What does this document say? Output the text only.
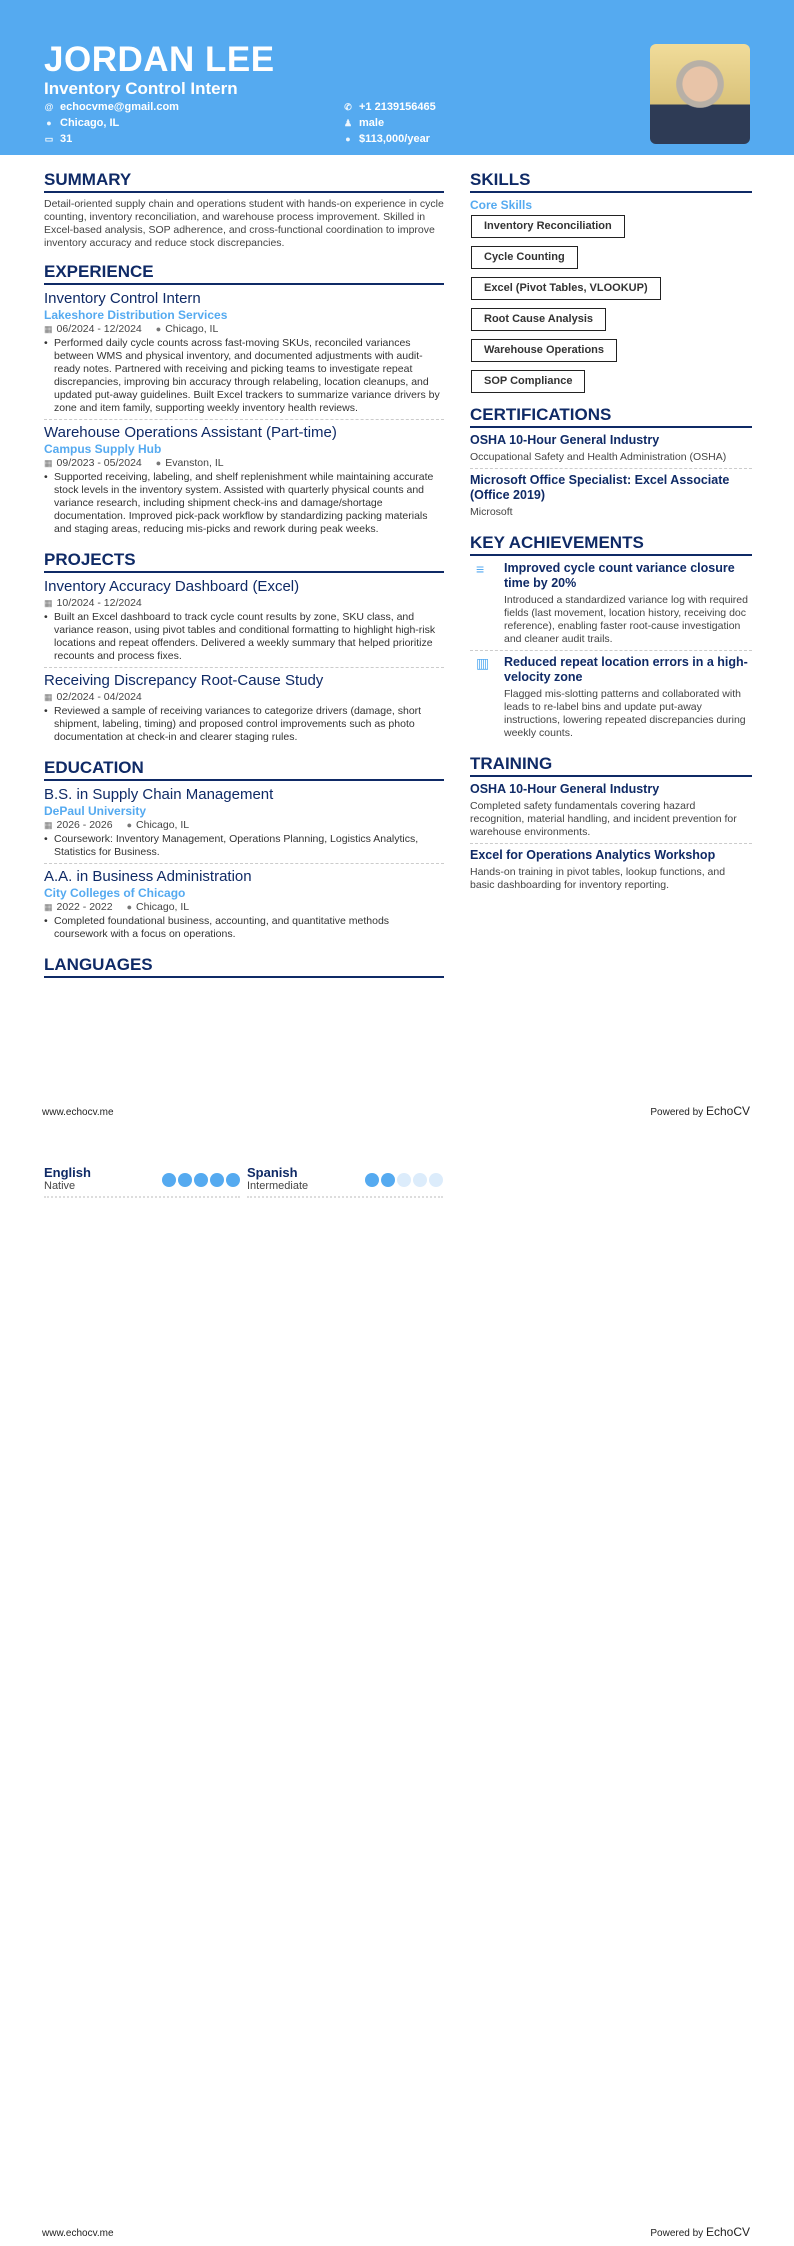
JORDAN LEE
Inventory Control Intern
@ echocvme@gmail.com
● Chicago, IL
▭ 31
✆ +1 2139156465
♟ male
● $113,000/year
SUMMARY
Detail-oriented supply chain and operations student with hands-on experience in cycle counting, inventory reconciliation, and warehouse process improvement. Skilled in Excel-based analysis, SOP adherence, and cross-functional coordination to improve inventory accuracy and reduce stock discrepancies.
EXPERIENCE
Inventory Control Intern
Lakeshore Distribution Services
▦ 06/2024 - 12/2024 ● Chicago, IL
• Performed daily cycle counts across fast-moving SKUs, reconciled variances between WMS and physical inventory, and documented adjustments with audit-ready notes. Partnered with receiving and picking teams to investigate repeat discrepancies, improving bin accuracy through relabeling, location cleanups, and updated put-away guidelines. Built Excel trackers to summarize variance drivers by zone and item family, supporting weekly inventory health reviews.
Warehouse Operations Assistant (Part-time)
Campus Supply Hub
▦ 09/2023 - 05/2024 ● Evanston, IL
• Supported receiving, labeling, and shelf replenishment while maintaining accurate stock levels in the inventory system. Assisted with quarterly physical counts and variance research, including shipment check-ins and damage/shortage documentation. Improved pick-pack workflow by standardizing packing materials and staging areas, reducing mis-picks and rework during peak weeks.
PROJECTS
Inventory Accuracy Dashboard (Excel)
▦ 10/2024 - 12/2024
• Built an Excel dashboard to track cycle count results by zone, SKU class, and variance reason, using pivot tables and conditional formatting to highlight high-risk locations and repeat offenders. Delivered a weekly summary that helped prioritize recounts and process fixes.
Receiving Discrepancy Root-Cause Study
▦ 02/2024 - 04/2024
• Reviewed a sample of receiving variances to categorize drivers (damage, short shipment, labeling, timing) and proposed control improvements such as photo documentation at check-in and clearer staging rules.
EDUCATION
B.S. in Supply Chain Management
DePaul University
▦ 2026 - 2026 ● Chicago, IL
• Coursework: Inventory Management, Operations Planning, Logistics Analytics, Statistics for Business.
A.A. in Business Administration
City Colleges of Chicago
▦ 2022 - 2022 ● Chicago, IL
• Completed foundational business, accounting, and quantitative methods coursework with a focus on operations.
LANGUAGES
SKILLS
Core Skills
Inventory Reconciliation
Cycle Counting
Excel (Pivot Tables, VLOOKUP)
Root Cause Analysis
Warehouse Operations
SOP Compliance
CERTIFICATIONS
OSHA 10-Hour General Industry
Occupational Safety and Health Administration (OSHA)
Microsoft Office Specialist: Excel Associate (Office 2019)
Microsoft
KEY ACHIEVEMENTS
≡	Improved cycle count variance closure time by 20%
Introduced a standardized variance log with required fields (last movement, location history, receiving doc reference), enabling faster root-cause investigation and cleaner audit trails.
▥ Reduced repeat location errors in a high-velocity zone
Flagged mis-slotting patterns and collaborated with leads to re-label bins and update put-away instructions, lowering repeated discrepancies during weekly counts.
TRAINING
OSHA 10-Hour General Industry
Completed safety fundamentals covering hazard recognition, material handling, and incident prevention for warehouse environments.
Excel for Operations Analytics Workshop
Hands-on training in pivot tables, lookup functions, and basic dashboarding for inventory reporting.
www.echocv.me	Powered by EchoCV
English
Native
Spanish
Intermediate
www.echocv.me	Powered by EchoCV
